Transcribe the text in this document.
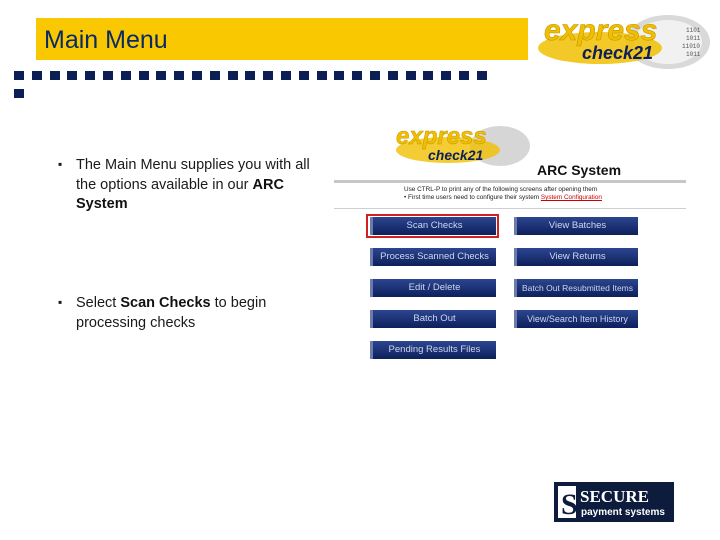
Main Menu	express
check21
1101
1011
11010
1011
▪ The Main Menu supplies you with all the options available in our ARC System
▪ Select Scan Checks to begin processing checks
express
check21
ARC System
Use CTRL-P to print any of the following screens after opening them
• First time users need to configure their system System Configuration
Scan Checks
Process Scanned Checks
Edit / Delete
Batch Out
Pending Results Files
View Batches
View Returns
Batch Out Resubmitted Items
View/Search Item History
S SECURE
payment systems
